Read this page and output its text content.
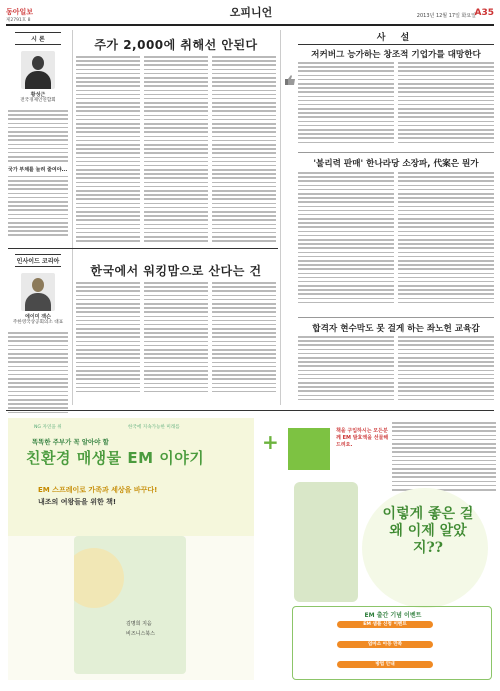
동아일보
제2791호 8
오피니언	2013년 12월 17일 화요일
A35
시 론
황성근
전국경제인연합회
국가 부채를 늘려 줄여야...
주가 2,000에 취해선 안된다
인사이드 코리아
에이미 잭슨
주한영국상공회의소 대표
한국에서 워킹맘으로 산다는 건
사 설
저커버그 능가하는 창조적 기업가를 대망한다
'불리력 판매' 한나라당 소장파, 代案은 뭔가
합격자 현수막도 못 걸게 하는 좌노헌 교육감
NG 자연을 위	한국에 지속가능한 미래를
똑똑한 주부가 꼭 알아야 할
친환경 매생물 EM 이야기
EM 스프레이로 가족과 세상을 바꾸다!
내조의 여왕들을 위한 책!
김명희 지음
비즈니스북스
+	책을 구입하시는 모든분께 EM 발효액을 선물해드려요.
이렇게 좋은 걸 왜 이제 알았지??
EM 출간 기념 이벤트
EM 샘플 신청 이벤트
엄마소 아동 만족
방법 안내
